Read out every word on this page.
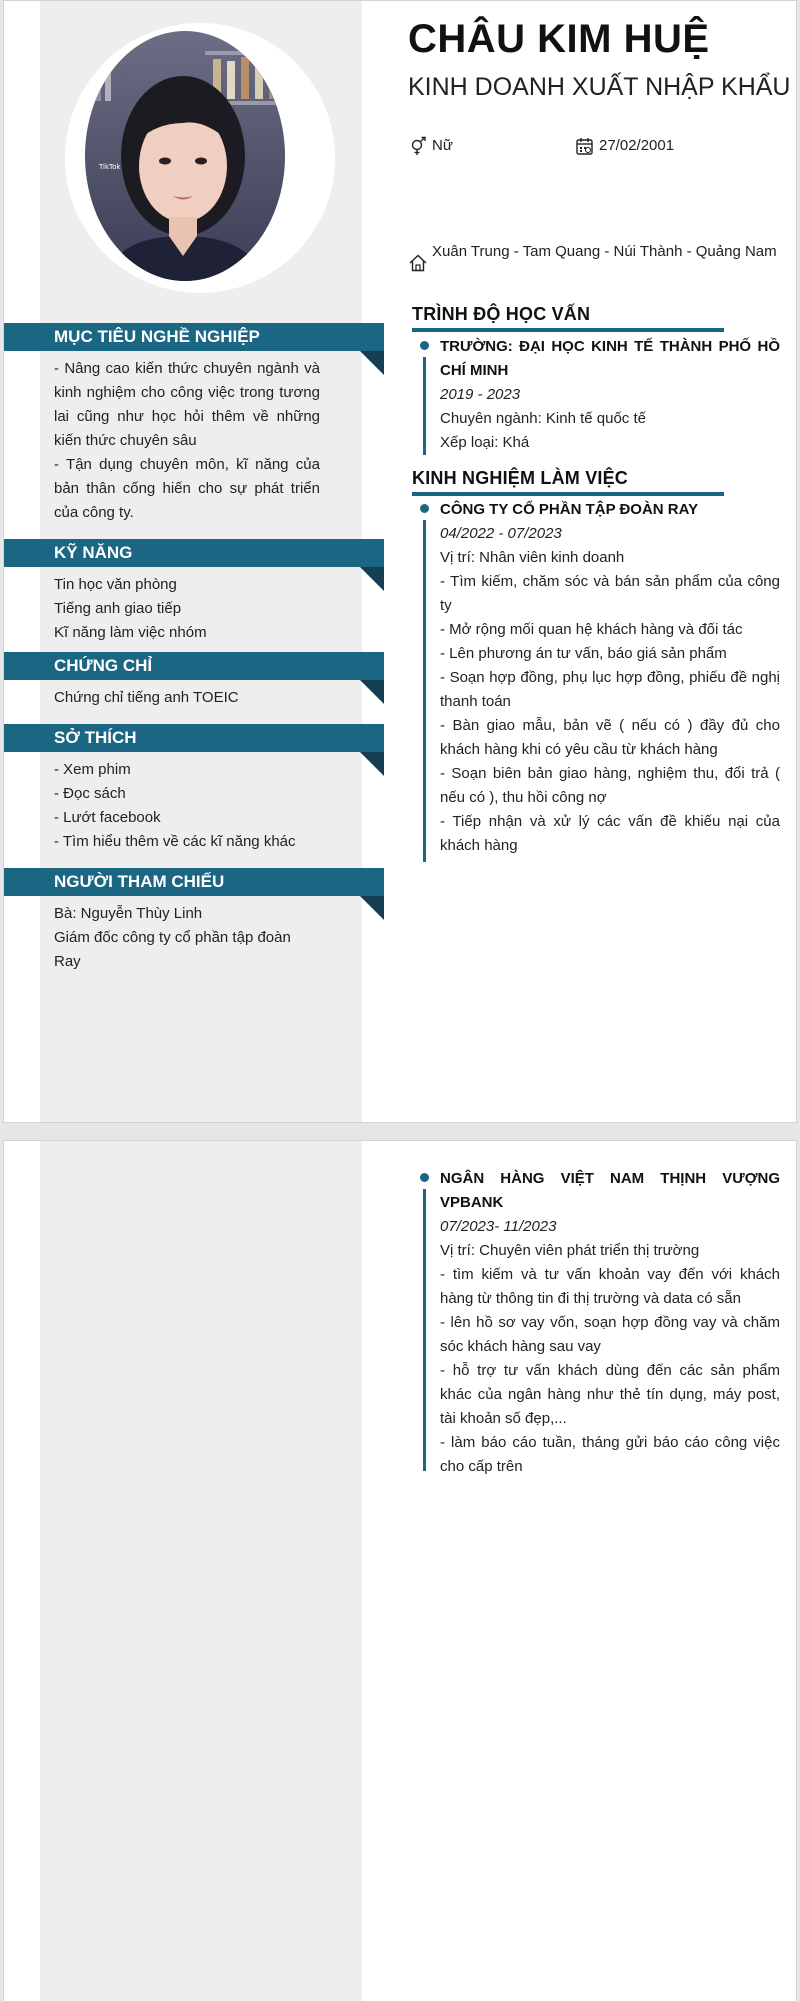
TikTok
MỤC TIÊU NGHỀ NGHIỆP
- Nâng cao kiến thức chuyên ngành và kinh nghiệm cho công việc trong tương lai cũng như học hỏi thêm về những kiến thức chuyên sâu
- Tận dụng chuyên môn, kĩ năng của bản thân cống hiến cho sự phát triển của công ty.
KỸ NĂNG
Tin học văn phòng
Tiếng anh giao tiếp
Kĩ năng làm việc nhóm
CHỨNG CHỈ
Chứng chỉ tiếng anh TOEIC
SỞ THÍCH
- Xem phim
- Đọc sách
- Lướt facebook
- Tìm hiểu thêm về các kĩ năng khác
NGƯỜI THAM CHIẾU
Bà: Nguyễn Thùy Linh
Giám đốc công ty cổ phần tập đoàn Ray
CHÂU KIM HUỆ
KINH DOANH XUẤT NHẬP KHẨU
Nữ	27/02/2001
Xuân Trung - Tam Quang - Núi Thành - Quảng Nam
TRÌNH ĐỘ HỌC VẤN
TRƯỜNG: ĐẠI HỌC KINH TẾ THÀNH PHỐ HỒ CHÍ MINH
2019 - 2023
Chuyên ngành: Kinh tế quốc tế
Xếp loại: Khá
KINH NGHIỆM LÀM VIỆC
CÔNG TY CỔ PHẦN TẬP ĐOÀN RAY
04/2022 - 07/2023
Vị trí: Nhân viên kinh doanh
- Tìm kiếm, chăm sóc và bán sản phẩm của công ty
- Mở rộng mối quan hệ khách hàng và đối tác
- Lên phương án tư vấn, báo giá sản phẩm
- Soạn hợp đồng, phụ lục hợp đồng, phiếu đề nghị thanh toán
- Bàn giao mẫu, bản vẽ ( nếu có ) đầy đủ cho khách hàng khi có yêu cầu từ khách hàng
- Soạn biên bản giao hàng, nghiệm thu, đổi trả ( nếu có ), thu hồi công nợ
- Tiếp nhận và xử lý các vấn đề khiếu nại của khách hàng
NGÂN HÀNG VIỆT NAM THỊNH VƯỢNG VPBANK
07/2023- 11/2023
Vị trí: Chuyên viên phát triển thị trường
- tìm kiếm và tư vấn khoản vay đến với khách hàng từ thông tin đi thị trường và data có sẵn
- lên hồ sơ vay vốn, soạn hợp đồng vay và chăm sóc khách hàng sau vay
- hỗ trợ tư vấn khách dùng đến các sản phẩm khác của ngân hàng như thẻ tín dụng, máy post, tài khoản số đẹp,...
- làm báo cáo tuần, tháng gửi báo cáo công việc cho cấp trên
